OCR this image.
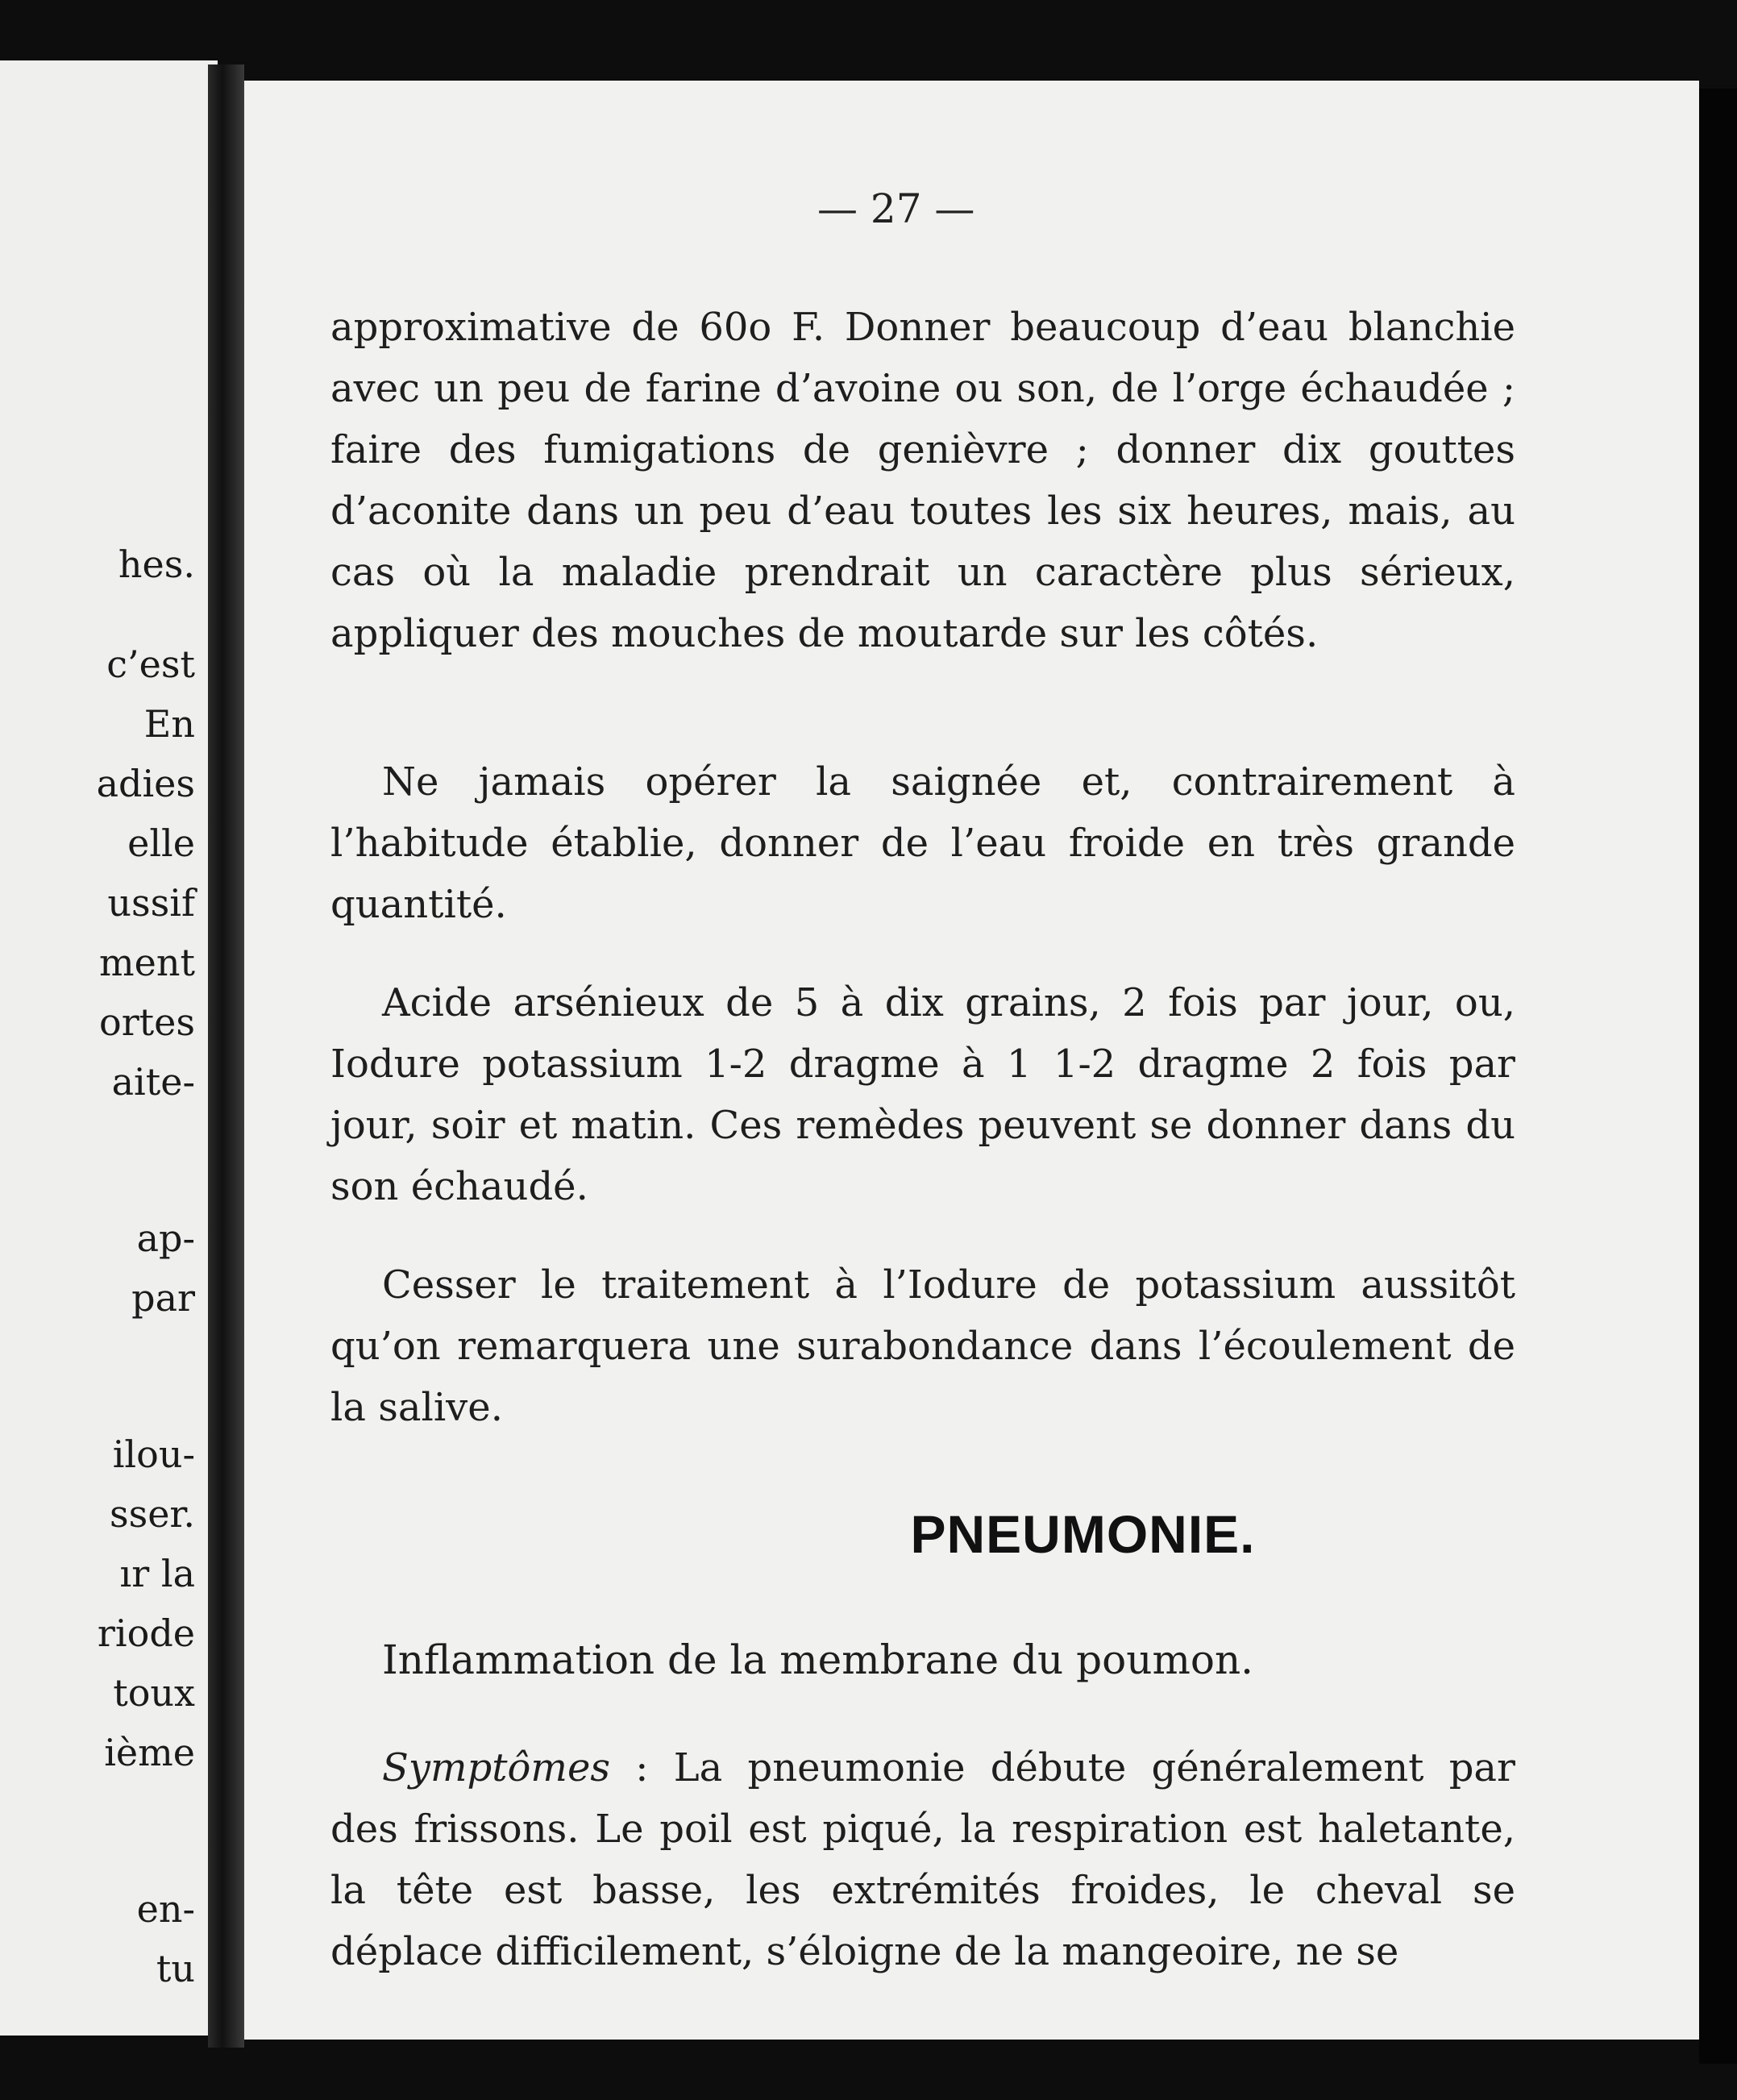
hes.
c’est
En
adies
elle
ussif
ment
ortes
aite-
ap-
par
ilou-
sser.
ır la
riode
toux
ième
en-
tu
— 27 —

approximative de 60o F. Donner beaucoup d’eau blanchie avec un peu de farine d’avoine ou son, de l’orge échaudée ; faire des fumigations de genièvre ; donner dix gouttes d’aconite dans un peu d’eau toutes les six heures, mais, au cas où la maladie prendrait un caractère plus sérieux, appliquer des mouches de moutarde sur les côtés.

Ne jamais opérer la saignée et, contrairement à l’habitude établie, donner de l’eau froide en très grande quantité.

Acide arsénieux de 5 à dix grains, 2 fois par jour, ou, Iodure potassium 1-2 dragme à 1 1-2 dragme 2 fois par jour, soir et matin. Ces remèdes peuvent se donner dans du son échaudé.

Cesser le traitement à l’Iodure de potassium aussitôt qu’on remarquera une surabondance dans l’écoulement de la salive.

PNEUMONIE.
Inflammation de la membrane du poumon.

Symptômes : La pneumonie débute généralement par des frissons. Le poil est piqué, la respiration est haletante, la tête est basse, les extrémités froides, le cheval se déplace difficilement, s’éloigne de la mangeoire, ne se
